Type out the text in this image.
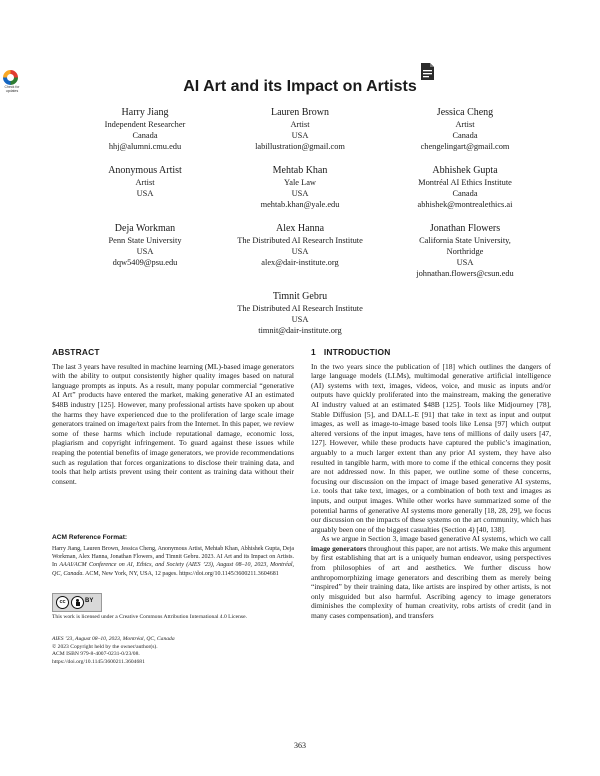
Check for updates	AI Art and its Impact on Artists
Harry Jiang
Independent Researcher
Canada
hhj@alumni.cmu.edu
Lauren Brown
Artist
USA
labillustration@gmail.com
Jessica Cheng
Artist
Canada
chengelingart@gmail.com
Anonymous Artist
Artist
USA
Mehtab Khan
Yale Law
USA
mehtab.khan@yale.edu
Abhishek Gupta
Montréal AI Ethics Institute
Canada
abhishek@montrealethics.ai
Deja Workman
Penn State University
USA
dqw5409@psu.edu
Alex Hanna
The Distributed AI Research Institute
USA
alex@dair-institute.org
Jonathan Flowers
California State University,
Northridge
USA
johnathan.flowers@csun.edu
Timnit Gebru
The Distributed AI Research Institute
USA
timnit@dair-institute.org
ABSTRACT

The last 3 years have resulted in machine learning (ML)-based image generators with the ability to output consistently higher quality images based on natural language prompts as inputs. As a result, many popular commercial “generative AI Art” products have entered the market, making generative AI an estimated $48B industry [125]. However, many professional artists have spoken up about the harms they have experienced due to the proliferation of large scale image generators trained on image/text pairs from the Internet. In this paper, we review some of these harms which include reputational damage, economic loss, plagiarism and copyright infringement. To guard against these issues while reaping the potential benefits of image generators, we provide recommendations such as regulation that forces organizations to disclose their training data, and tools that help artists prevent using their content as training data without their consent.

ACM Reference Format:
Harry Jiang, Lauren Brown, Jessica Cheng, Anonymous Artist, Mehtab Khan, Abhishek Gupta, Deja Workman, Alex Hanna, Jonathan Flowers, and Timnit Gebru. 2023. AI Art and its Impact on Artists. In AAAI/ACM Conference on AI, Ethics, and Society (AIES ’23), August 08–10, 2023, Montréal, QC, Canada. ACM, New York, NY, USA, 12 pages. https://doi.org/10.1145/3600211.3604681
cc	BY
This work is licensed under a Creative Commons Attribution International 4.0 License.
AIES ’23, August 08–10, 2023, Montréal, QC, Canada
© 2023 Copyright held by the owner/author(s).
ACM ISBN 979-8-4007-0231-0/23/08.
https://doi.org/10.1145/3600211.3604681
1 INTRODUCTION

In the two years since the publication of [18] which outlines the dangers of large language models (LLMs), multimodal generative artificial intelligence (AI) systems with text, images, videos, voice, and music as inputs and/or outputs have quickly proliferated into the mainstream, making the generative AI industry valued at an estimated $48B [125]. Tools like Midjourney [78], Stable Diffusion [5], and DALL-E [91] that take in text as input and output images, as well as image-to-image based tools like Lensa [97] which output altered versions of the input images, have tens of millions of daily users [47, 127]. However, while these products have captured the public’s imagination, arguably to a much larger extent than any prior AI system, they have also resulted in tangible harm, with more to come if the ethical concerns they posit are not addressed now. In this paper, we outline some of these concerns, focusing our discussion on the impact of image based generative AI systems, i.e. tools that take text, images, or a combination of both text and images as inputs, and output images. While other works have summarized some of the potential harms of generative AI systems more generally [18, 28, 29], we focus our discussion on the impacts of these systems on the art community, which has arguably been one of the biggest casualties (Section 4) [40, 138].

As we argue in Section 3, image based generative AI systems, which we call image generators throughout this paper, are not artists. We make this argument by first establishing that art is a uniquely human endeavor, using perspectives from philosophies of art and aesthetics. We further discuss how anthropomorphizing image generators and describing them as merely being “inspired” by their training data, like artists are inspired by other artists, is not only misguided but also harmful. Ascribing agency to image generators diminishes the complexity of human creativity, robs artists of credit (and in many cases compensation), and transfers

363
